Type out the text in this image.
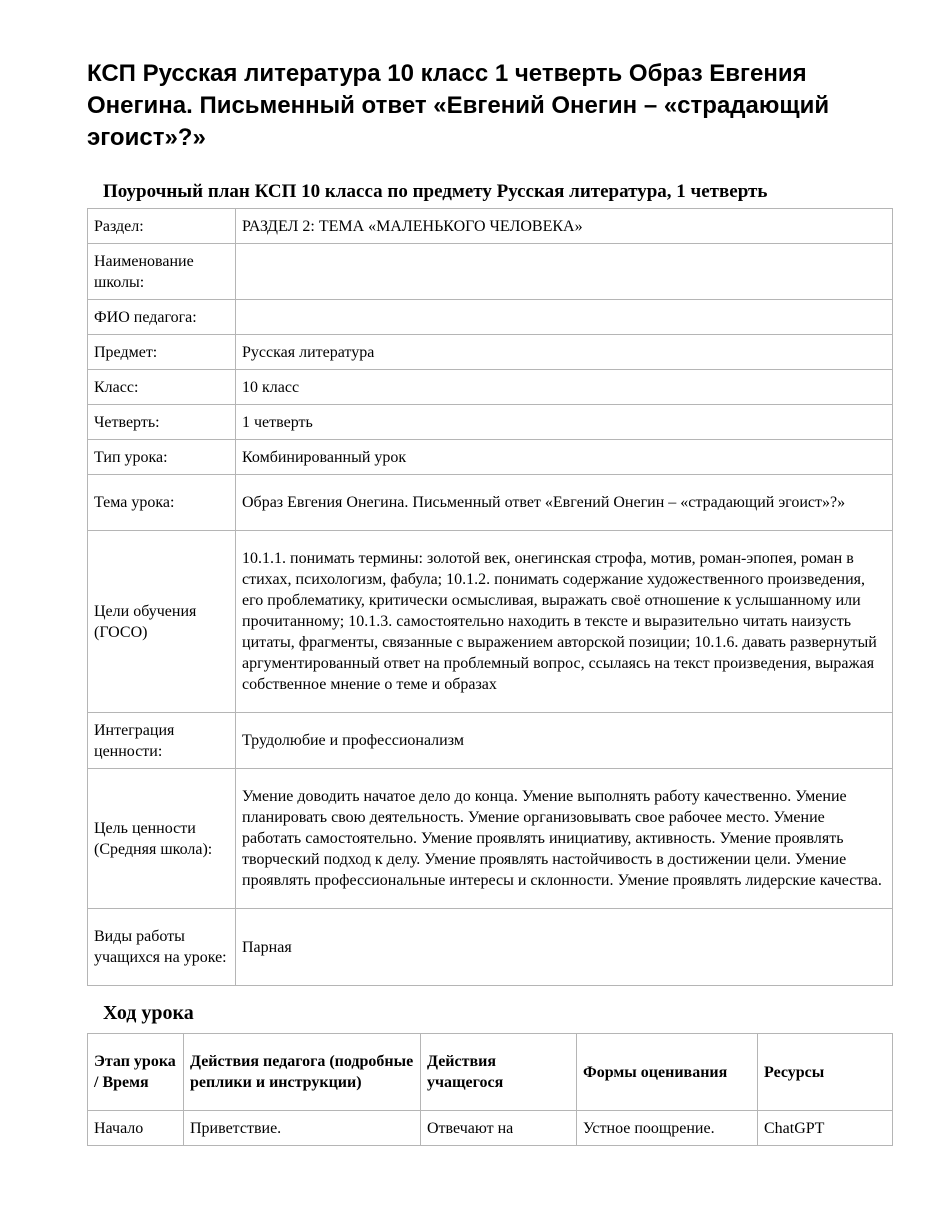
КСП Русская литература 10 класс 1 четверть Образ Евгения Онегина. Письменный ответ «Евгений Онегин – «страдающий эгоист»?»
Поурочный план КСП 10 класса по предмету Русская литература, 1 четверть
Раздел:	РАЗДЕЛ 2: ТЕМА «МАЛЕНЬКОГО ЧЕЛОВЕКА»
Наименование школы:	
ФИО педагога:	
Предмет:	Русская литература
Класс:	10 класс
Четверть:	1 четверть
Тип урока:	Комбинированный урок
Тема урока:	Образ Евгения Онегина. Письменный ответ «Евгений Онегин – «страдающий эгоист»?»
Цели обучения (ГОСО)	10.1.1. понимать термины: золотой век, онегинская строфа, мотив, роман-эпопея, роман в стихах, психологизм, фабула; 10.1.2. понимать содержание художественного произведения, его проблематику, критически осмысливая, выражать своё отношение к услышанному или прочитанному; 10.1.3. самостоятельно находить в тексте и выразительно читать наизусть цитаты, фрагменты, связанные с выражением авторской позиции; 10.1.6. давать развернутый аргументированный ответ на проблемный вопрос, ссылаясь на текст произведения, выражая собственное мнение о теме и образах
Интеграция ценности:	Трудолюбие и профессионализм
Цель ценности (Средняя школа):	Умение доводить начатое дело до конца. Умение выполнять работу качественно. Умение планировать свою деятельность. Умение организовывать свое рабочее место. Умение работать самостоятельно. Умение проявлять инициативу, активность. Умение проявлять творческий подход к делу. Умение проявлять настойчивость в достижении цели. Умение проявлять профессиональные интересы и склонности. Умение проявлять лидерские качества.
Виды работы учащихся на уроке:	Парная
Ход урока
Этап урока / Время	Действия педагога (подробные реплики и инструкции)	Действия учащегося	Формы оценивания	Ресурсы
Начало	Приветствие.	Отвечают на	Устное поощрение.	ChatGPT
